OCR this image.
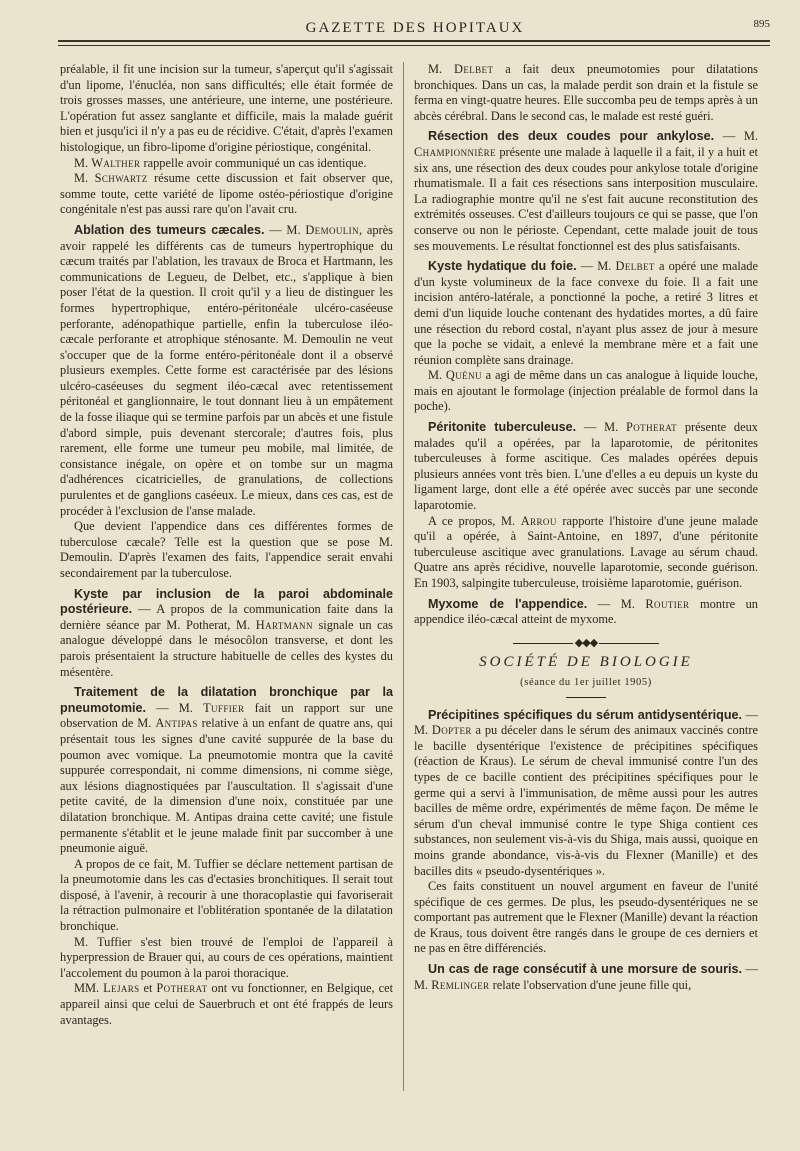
GAZETTE DES HOPITAUX	895

préalable, il fit une incision sur la tumeur, s'aperçut qu'il s'agissait d'un lipome, l'énucléa, non sans difficultés; elle était formée de trois grosses masses, une antérieure, une interne, une postérieure. L'opération fut assez sanglante et difficile, mais la malade guérit bien et jusqu'ici il n'y a pas eu de récidive. C'était, d'après l'examen histologique, un fibro-lipome d'origine périostique, congénital.

M. Walther rappelle avoir communiqué un cas identique.

M. Schwartz résume cette discussion et fait observer que, somme toute, cette variété de lipome ostéo-périostique d'origine congénitale n'est pas aussi rare qu'on l'avait cru.

Ablation des tumeurs cæcales. — M. Demoulin, après avoir rappelé les différents cas de tumeurs hypertrophique du cæcum traités par l'ablation, les travaux de Broca et Hartmann, les communications de Legueu, de Delbet, etc., s'applique à bien poser l'état de la question. Il croit qu'il y a lieu de distinguer les formes hypertrophique, entéro-péritonéale ulcéro-caséeuse perforante, adénopathique partielle, enfin la tuberculose iléo-cæcale perforante et atrophique sténosante. M. Demoulin ne veut s'occuper que de la forme entéro-péritonéale dont il a observé plusieurs exemples. Cette forme est caractérisée par des lésions ulcéro-caséeuses du segment iléo-cæcal avec retentissement péritonéal et ganglionnaire, le tout donnant lieu à un empâtement de la fosse iliaque qui se termine parfois par un abcès et une fistule d'abord simple, puis devenant stercorale; d'autres fois, plus rarement, elle forme une tumeur peu mobile, mal limitée, de consistance inégale, on opère et on tombe sur un magma d'adhérences cicatricielles, de granulations, de collections purulentes et de ganglions caséeux. Le mieux, dans ces cas, est de procéder à l'exclusion de l'anse malade.

Que devient l'appendice dans ces différentes formes de tuberculose cæcale? Telle est la question que se pose M. Demoulin. D'après l'examen des faits, l'appendice serait envahi secondairement par la tuberculose.

Kyste par inclusion de la paroi abdominale postérieure. — A propos de la communication faite dans la dernière séance par M. Potherat, M. Hartmann signale un cas analogue développé dans le mésocôlon transverse, et dont les parois présentaient la structure habituelle de celles des kystes du mésentère.

Traitement de la dilatation bronchique par la pneumotomie. — M. Tuffier fait un rapport sur une observation de M. Antipas relative à un enfant de quatre ans, qui présentait tous les signes d'une cavité suppurée de la base du poumon avec vomique. La pneumotomie montra que la cavité suppurée correspondait, ni comme dimensions, ni comme siège, aux lésions diagnostiquées par l'auscultation. Il s'agissait d'une petite cavité, de la dimension d'une noix, constituée par une dilatation bronchique. M. Antipas draina cette cavité; une fistule permanente s'établit et le jeune malade finit par succomber à une pneumonie aiguë.

A propos de ce fait, M. Tuffier se déclare nettement partisan de la pneumotomie dans les cas d'ectasies bronchitiques. Il serait tout disposé, à l'avenir, à recourir à une thoracoplastie qui favoriserait la rétraction pulmonaire et l'oblitération spontanée de la dilatation bronchique.

M. Tuffier s'est bien trouvé de l'emploi de l'appareil à hyperpression de Brauer qui, au cours de ces opérations, maintient l'accolement du poumon à la paroi thoracique.

MM. Lejars et Potherat ont vu fonctionner, en Belgique, cet appareil ainsi que celui de Sauerbruch et ont été frappés de leurs avantages.

M. Delbet a fait deux pneumotomies pour dilatations bronchiques. Dans un cas, la malade perdit son drain et la fistule se ferma en vingt-quatre heures. Elle succomba peu de temps après à un abcès cérébral. Dans le second cas, le malade est resté guéri.

Résection des deux coudes pour ankylose. — M. Championnière présente une malade à laquelle il a fait, il y a huit et six ans, une résection des deux coudes pour ankylose totale d'origine rhumatismale. Il a fait ces résections sans interposition musculaire. La radiographie montre qu'il ne s'est fait aucune reconstitution des extrémités osseuses. C'est d'ailleurs toujours ce qui se passe, que l'on conserve ou non le périoste. Cependant, cette malade jouit de tous ses mouvements. Le résultat fonctionnel est des plus satisfaisants.

Kyste hydatique du foie. — M. Delbet a opéré une malade d'un kyste volumineux de la face convexe du foie. Il a fait une incision antéro-latérale, a ponctionné la poche, a retiré 3 litres et demi d'un liquide louche contenant des hydatides mortes, a dû faire une résection du rebord costal, n'ayant plus assez de jour à mesure que la poche se vidait, a enlevé la membrane mère et a fait une réunion complète sans drainage.

M. Quénu a agi de même dans un cas analogue à liquide louche, mais en ajoutant le formolage (injection préalable de formol dans la poche).

Péritonite tuberculeuse. — M. Potherat présente deux malades qu'il a opérées, par la laparotomie, de péritonites tuberculeuses à forme ascitique. Ces malades opérées depuis plusieurs années vont très bien. L'une d'elles a eu depuis un kyste du ligament large, dont elle a été opérée avec succès par une seconde laparotomie.

A ce propos, M. Arrou rapporte l'histoire d'une jeune malade qu'il a opérée, à Saint-Antoine, en 1897, d'une péritonite tuberculeuse ascitique avec granulations. Lavage au sérum chaud. Quatre ans après récidive, nouvelle laparotomie, seconde guérison. En 1903, salpingite tuberculeuse, troisième laparotomie, guérison.

Myxome de l'appendice. — M. Routier montre un appendice iléo-cæcal atteint de myxome.

◆◆◆
SOCIÉTÉ DE BIOLOGIE
(séance du 1er juillet 1905)

Précipitines spécifiques du sérum antidysentérique. — M. Dopter a pu déceler dans le sérum des animaux vaccinés contre le bacille dysentérique l'existence de précipitines spécifiques (réaction de Kraus). Le sérum de cheval immunisé contre l'un des types de ce bacille contient des précipitines spécifiques pour le germe qui a servi à l'immunisation, de même aussi pour les autres bacilles de même ordre, expérimentés de même façon. De même le sérum d'un cheval immunisé contre le type Shiga contient ces substances, non seulement vis-à-vis du Shiga, mais aussi, quoique en moins grande abondance, vis-à-vis du Flexner (Manille) et des bacilles dits « pseudo-dysentériques ».

Ces faits constituent un nouvel argument en faveur de l'unité spécifique de ces germes. De plus, les pseudo-dysentériques ne se comportant pas autrement que le Flexner (Manille) devant la réaction de Kraus, tous doivent être rangés dans le groupe de ces derniers et ne pas en être différenciés.

Un cas de rage consécutif à une morsure de souris. — M. Remlinger relate l'observation d'une jeune fille qui,
